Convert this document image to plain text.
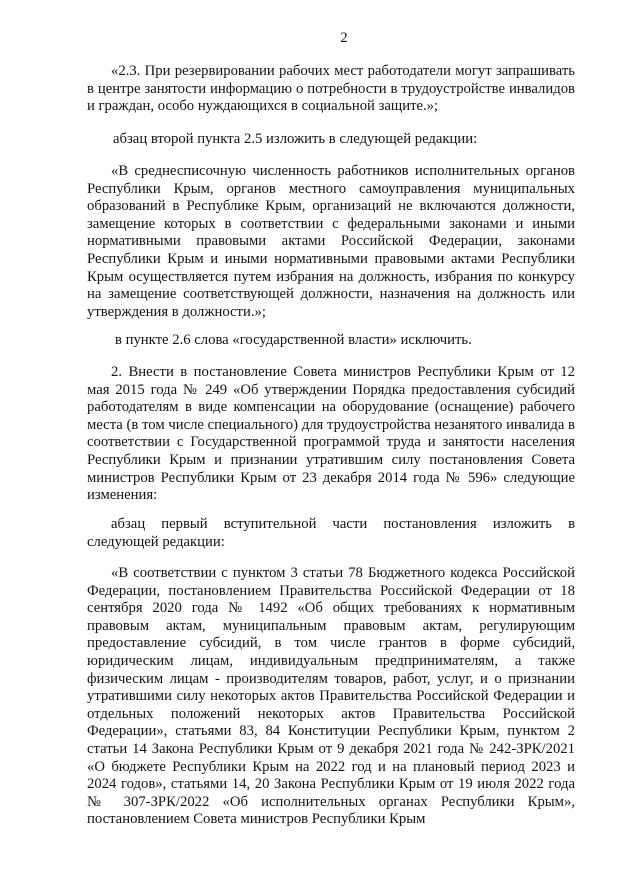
2

«2.3. При резервировании рабочих мест работодатели могут запрашивать в центре занятости информацию о потребности в трудоустройстве инвалидов и граждан, особо нуждающихся в социальной защите.»;

абзац второй пункта 2.5 изложить в следующей редакции:

«В среднесписочную численность работников исполнительных органов Республики Крым, органов местного самоуправления муниципальных образований в Республике Крым, организаций не включаются должности, замещение которых в соответствии с федеральными законами и иными нормативными правовыми актами Российской Федерации, законами Республики Крым и иными нормативными правовыми актами Республики Крым осуществляется путем избрания на должность, избрания по конкурсу на замещение соответствующей должности, назначения на должность или утверждения в должности.»;

в пункте 2.6 слова «государственной власти» исключить.

2. Внести в постановление Совета министров Республики Крым от 12 мая 2015 года № 249 «Об утверждении Порядка предоставления субсидий работодателям в виде компенсации на оборудование (оснащение) рабочего места (в том числе специального) для трудоустройства незанятого инвалида в соответствии с Государственной программой труда и занятости населения Республики Крым и признании утратившим силу постановления Совета министров Республики Крым от 23 декабря 2014 года № 596» следующие изменения:

абзац первый вступительной части постановления изложить в следующей редакции:

«В соответствии с пунктом 3 статьи 78 Бюджетного кодекса Российской Федерации, постановлением Правительства Российской Федерации от 18 сентября 2020 года № 1492 «Об общих требованиях к нормативным правовым актам, муниципальным правовым актам, регулирующим предоставление субсидий, в том числе грантов в форме субсидий, юридическим лицам, индивидуальным предпринимателям, а также физическим лицам - производителям товаров, работ, услуг, и о признании утратившими силу некоторых актов Правительства Российской Федерации и отдельных положений некоторых актов Правительства Российской Федерации», статьями 83, 84 Конституции Республики Крым, пунктом 2 статьи 14 Закона Республики Крым от 9 декабря 2021 года № 242-ЗРК/2021 «О бюджете Республики Крым на 2022 год и на плановый период 2023 и 2024 годов», статьями 14, 20 Закона Республики Крым от 19 июля 2022 года № 307-ЗРК/2022 «Об исполнительных органах Республики Крым», постановлением Совета министров Республики Крым
